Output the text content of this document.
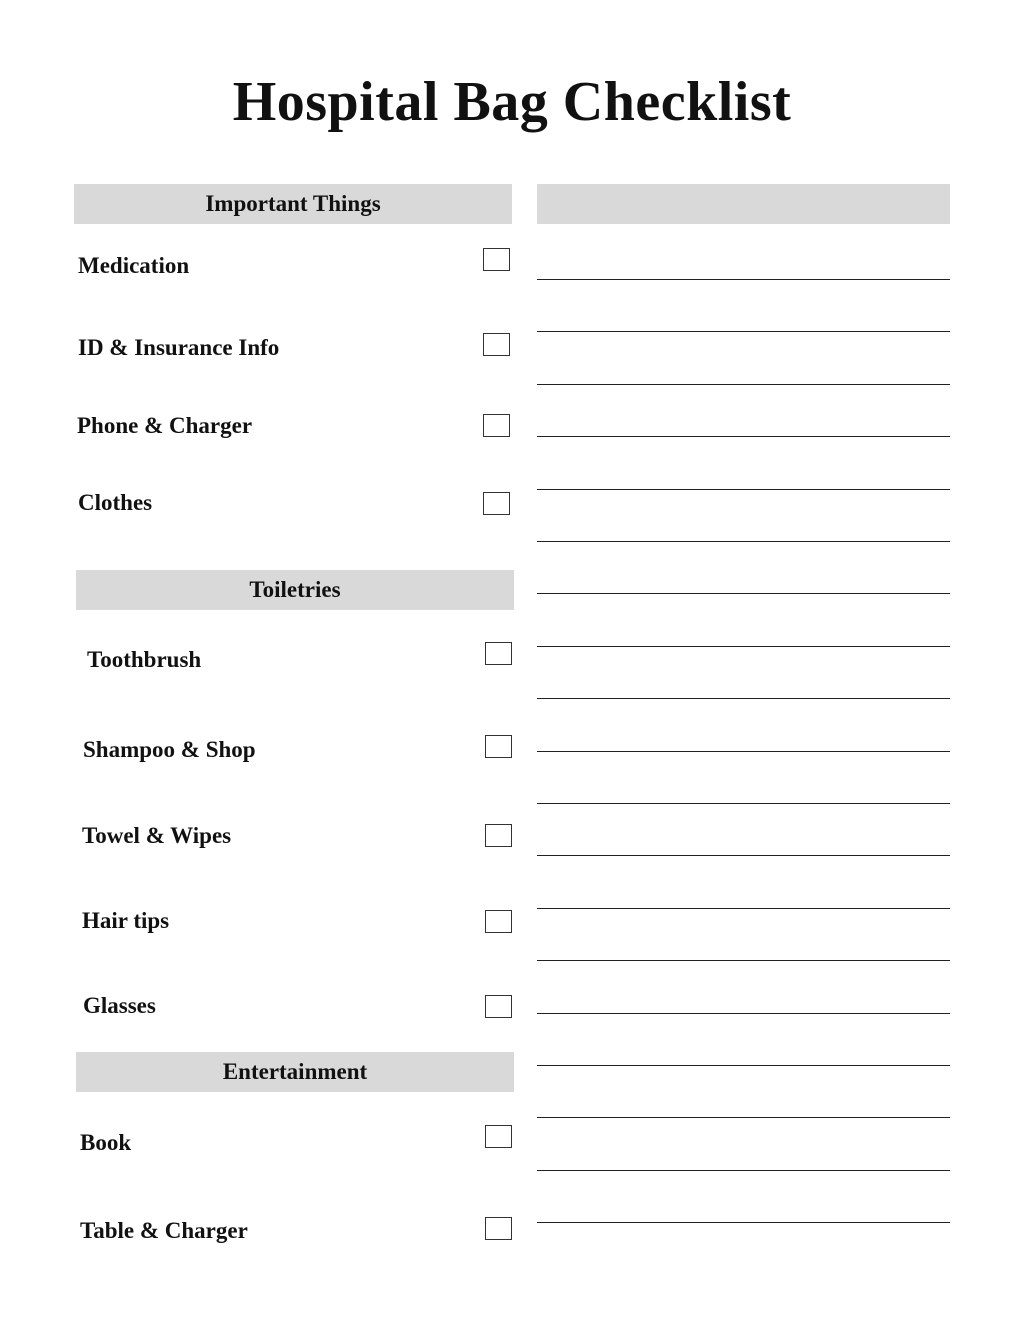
Hospital Bag Checklist
Important Things
Toiletries
Entertainment
Medication
ID & Insurance Info
Phone & Charger
Clothes
Toothbrush
Shampoo & Shop
Towel & Wipes
Hair tips
Glasses
Book
Table & Charger
